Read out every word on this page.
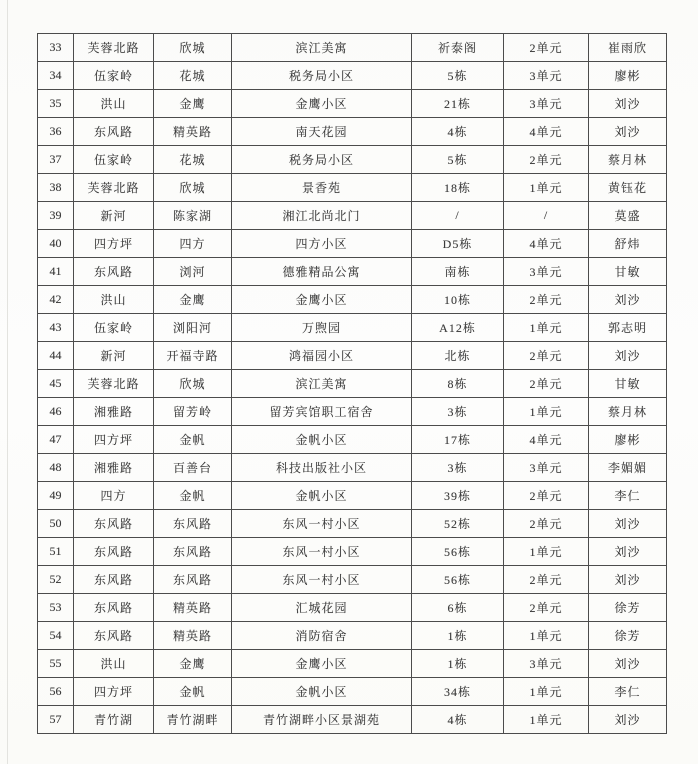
33	芙蓉北路	欣城	滨江美寓	祈泰阁	2单元	崔雨欣
34	伍家岭	花城	税务局小区	5栋	3单元	廖彬
35	洪山	金鹰	金鹰小区	21栋	3单元	刘沙
36	东风路	精英路	南天花园	4栋	4单元	刘沙
37	伍家岭	花城	税务局小区	5栋	2单元	蔡月林
38	芙蓉北路	欣城	景香苑	18栋	1单元	黄钰花
39	新河	陈家湖	湘江北尚北门	/	/	莫盛
40	四方坪	四方	四方小区	D5栋	4单元	舒炜
41	东风路	浏河	德雅精品公寓	南栋	3单元	甘敏
42	洪山	金鹰	金鹰小区	10栋	2单元	刘沙
43	伍家岭	浏阳河	万煦园	A12栋	1单元	郭志明
44	新河	开福寺路	鸿福园小区	北栋	2单元	刘沙
45	芙蓉北路	欣城	滨江美寓	8栋	2单元	甘敏
46	湘雅路	留芳岭	留芳宾馆职工宿舍	3栋	1单元	蔡月林
47	四方坪	金帆	金帆小区	17栋	4单元	廖彬
48	湘雅路	百善台	科技出版社小区	3栋	3单元	李媚媚
49	四方	金帆	金帆小区	39栋	2单元	李仁
50	东风路	东风路	东风一村小区	52栋	2单元	刘沙
51	东风路	东风路	东风一村小区	56栋	1单元	刘沙
52	东风路	东风路	东风一村小区	56栋	2单元	刘沙
53	东风路	精英路	汇城花园	6栋	2单元	徐芳
54	东风路	精英路	消防宿舍	1栋	1单元	徐芳
55	洪山	金鹰	金鹰小区	1栋	3单元	刘沙
56	四方坪	金帆	金帆小区	34栋	1单元	李仁
57	青竹湖	青竹湖畔	青竹湖畔小区景湖苑	4栋	1单元	刘沙
